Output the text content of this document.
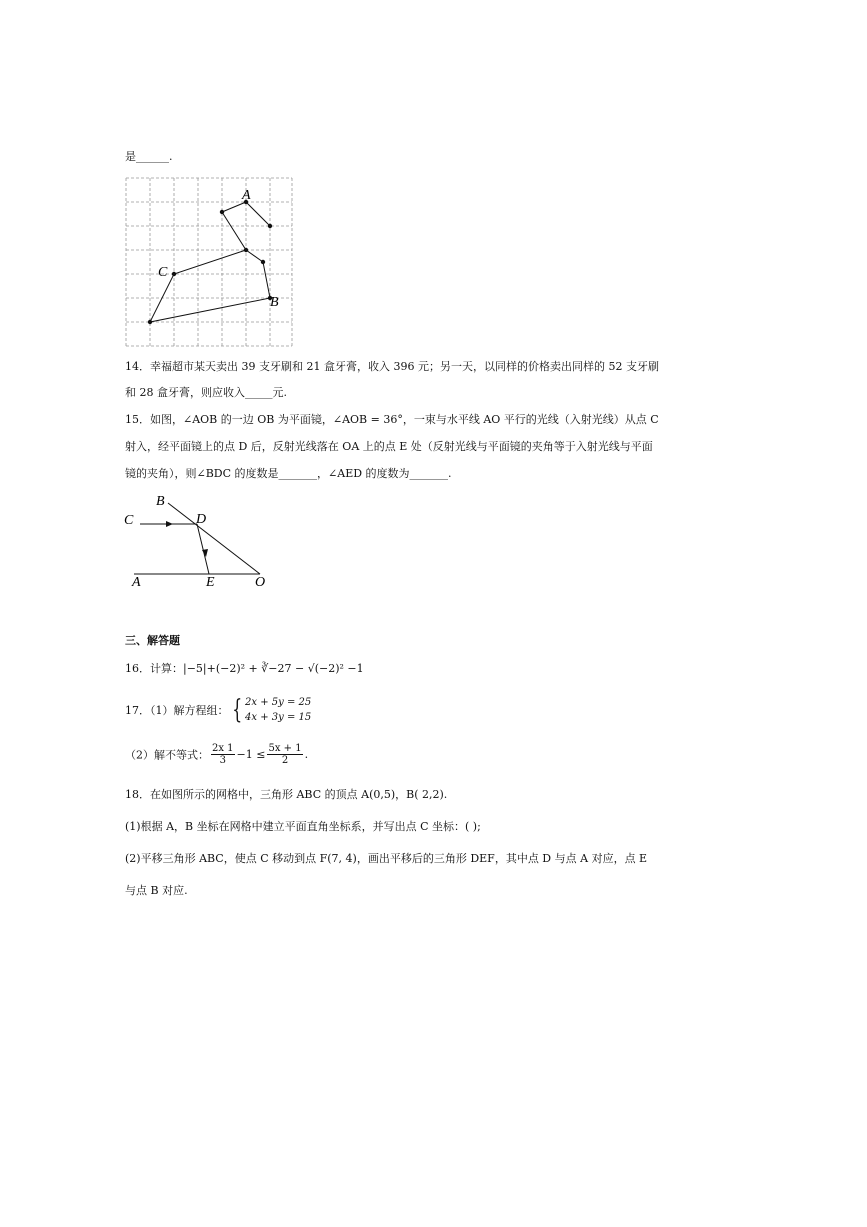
是______.
A
B
C
14．幸福超市某天卖出 39 支牙刷和 21 盒牙膏，收入 396 元；另一天，以同样的价格卖出同样的 52 支牙刷
和 28 盒牙膏，则应收入_____元.
15．如图，∠AOB 的一边 OB 为平面镜，∠AOB = 36°，一束与水平线 AO 平行的光线（入射光线）从点 C
射入，经平面镜上的点 D 后，反射光线落在 OA 上的点 E 处（反射光线与平面镜的夹角等于入射光线与平面
镜的夹角），则∠BDC 的度数是_______，∠AED 的度数为_______.
B
C	D
A	E	O
三、解答题
16．计算：|−5|+(−2)² + ∛−27 − √(−2)² −1
17．（1）解方程组： { 2x + 5y = 25
4x + 3y = 15
（2）解不等式： $\frac{2x 1}{3} -1 \le \frac{5x + 1}{2}$ .
18．在如图所示的网格中，三角形 ABC 的顶点 A(0,5)，B( 2,2).
(1)根据 A，B 坐标在网格中建立平面直角坐标系，并写出点 C 坐标：( );
(2)平移三角形 ABC，使点 C 移动到点 F(7, 4)，画出平移后的三角形 DEF，其中点 D 与点 A 对应，点 E
与点 B 对应.
